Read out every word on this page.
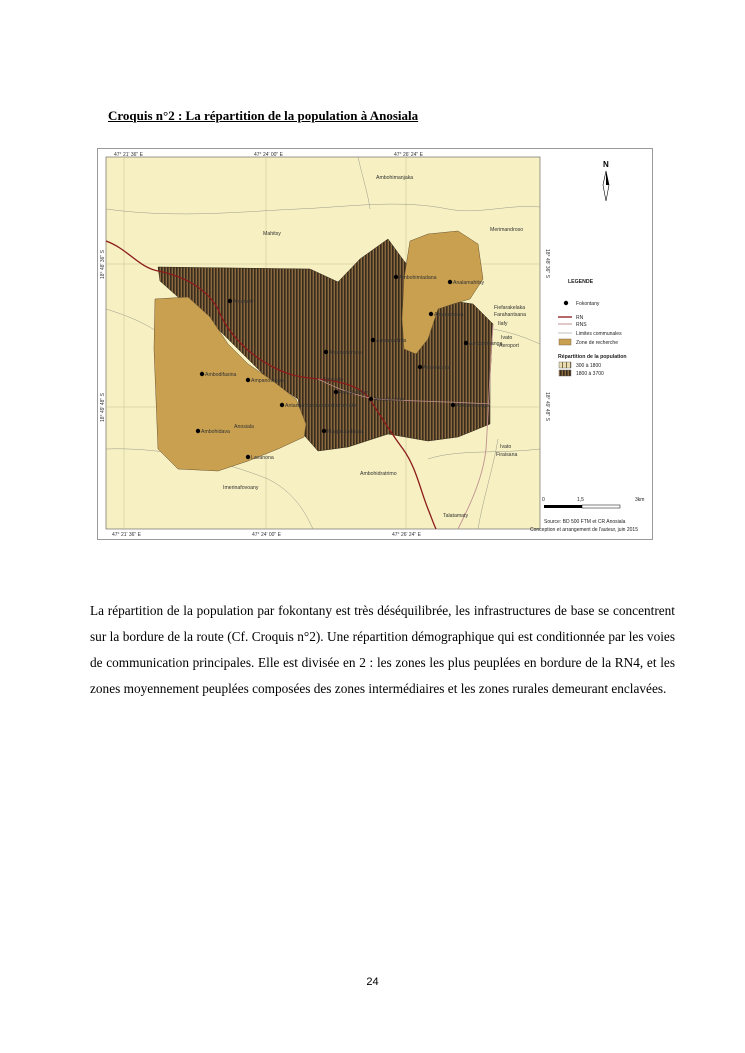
Croquis n°2 : La répartition de la population à Anosiala

Ambohimiadana
Analamahitsy
Antanety
Antanamena
Antsahadinta	Ambohimanga
Antanandrano
Ambohitsoa
Ambodifasina
Ampanotokana
Antsahafohy
Ankadivoribe
Antanambao Ambohitrimanjaka	Ankazomanga
Ambohidava	Manjakandriana
Lavanona
Ambohimanjaka
Mahitsy
Merimandroso
Ivato
Aeroport
Ivato
Firaisana
Ambohidratrimo
Imerinafovoany
Talatamaty
Ilafy
Anosiala
Ilanivato
Fiefarakelaka
Farahantsana
47° 21' 36" E	47° 24' 00" E	47° 26' 24" E
47° 21' 36" E	47° 24' 00" E	47° 26' 24" E
18° 48' 36" S
18° 49' 48" S
18° 48' 36" S
18° 49' 48" S
N
LEGENDE
Fokontany
RN
RNS
Limites communales
Zone de recherche
Répartition de la population
300 à 1800
1800 à 3700
0	1,5	3km
Source: BD 500 FTM et CR Anosiala
Conception et arrangement de l'auteur, juin 2015

La répartition de la population par fokontany est très déséquilibrée, les infrastructures de base se concentrent sur la bordure de la route (Cf. Croquis n°2). Une répartition démographique qui est conditionnée par les voies de communication principales. Elle est divisée en 2 : les zones les plus peuplées en bordure de la RN4, et les zones moyennement peuplées composées des zones intermédiaires et les zones rurales demeurant enclavées.

24
